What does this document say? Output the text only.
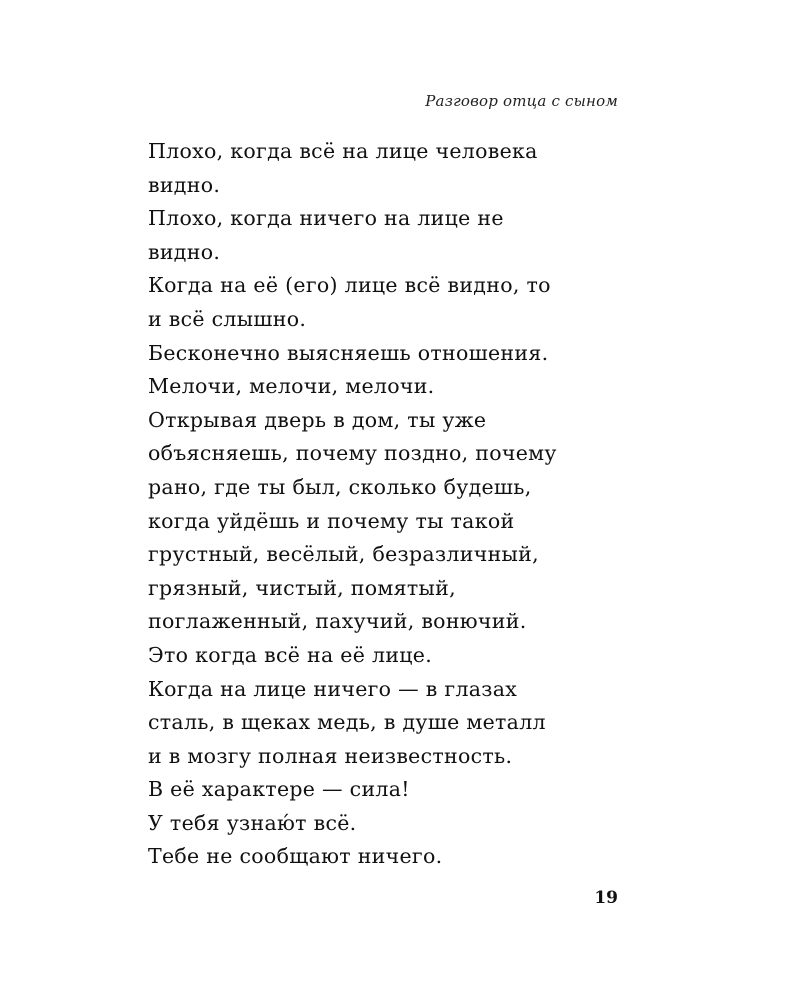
Разговор отца с сыном
Плохо, когда всё на лице человека
видно.
Плохо, когда ничего на лице не
видно.
Когда на её (его) лице всё видно, то
и всё слышно.
Бесконечно выясняешь отношения.
Мелочи, мелочи, мелочи.
Открывая дверь в дом, ты уже
объясняешь, почему поздно, почему
рано, где ты был, сколько будешь,
когда уйдёшь и почему ты такой
грустный, весёлый, безразличный,
грязный, чистый, помятый,
поглаженный, пахучий, вонючий.
Это когда всё на её лице.
Когда на лице ничего — в глазах
сталь, в щеках медь, в душе металл
и в мозгу полная неизвестность.
В её характере — сила!
У тебя узнаю́т всё.
Тебе не сообщают ничего.
19
